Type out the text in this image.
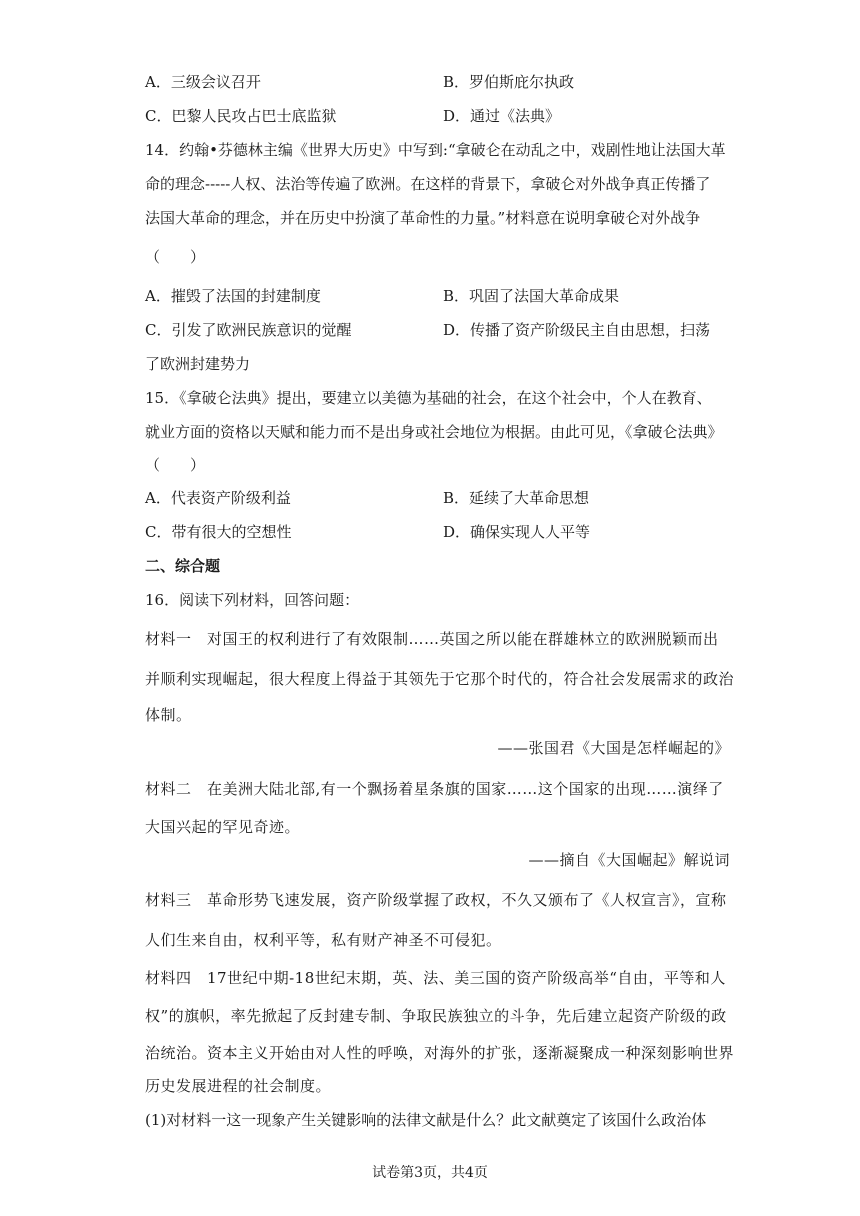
A．三级会议召开	B．罗伯斯庇尔执政
C．巴黎人民攻占巴士底监狱	D．通过《法典》
14．约翰•芬德林主编《世界大历史》中写到:“拿破仑在动乱之中，戏剧性地让法国大革
命的理念-----人权、法治等传遍了欧洲。在这样的背景下，拿破仑对外战争真正传播了
法国大革命的理念，并在历史中扮演了革命性的力量。”材料意在说明拿破仑对外战争
（　　）
A．摧毁了法国的封建制度	B．巩固了法国大革命成果
C．引发了欧洲民族意识的觉醒	D．传播了资产阶级民主自由思想，扫荡
了欧洲封建势力
15．《拿破仑法典》提出，要建立以美德为基础的社会，在这个社会中，个人在教育、
就业方面的资格以天赋和能力而不是出身或社会地位为根据。由此可见，《拿破仑法典》
（　　）
A．代表资产阶级利益	B．延续了大革命思想
C．带有很大的空想性	D．确保实现人人平等
二、综合题
16．阅读下列材料，回答问题：
材料一　对国王的权利进行了有效限制……英国之所以能在群雄林立的欧洲脱颖而出
并顺利实现崛起，很大程度上得益于其领先于它那个时代的，符合社会发展需求的政治
体制。
——张国君《大国是怎样崛起的》
材料二　在美洲大陆北部,有一个飘扬着星条旗的国家……这个国家的出现……演绎了
大国兴起的罕见奇迹。
——摘自《大国崛起》解说词
材料三　革命形势飞速发展，资产阶级掌握了政权，不久又颁布了《人权宣言》，宣称
人们生来自由，权利平等，私有财产神圣不可侵犯。
材料四　17世纪中期-18世纪末期，英、法、美三国的资产阶级高举“自由，平等和人
权”的旗帜，率先掀起了反封建专制、争取民族独立的斗争，先后建立起资产阶级的政
治统治。资本主义开始由对人性的呼唤，对海外的扩张，逐渐凝聚成一种深刻影响世界
历史发展进程的社会制度。
(1)对材料一这一现象产生关键影响的法律文献是什么？此文献奠定了该国什么政治体
试卷第3页，共4页
